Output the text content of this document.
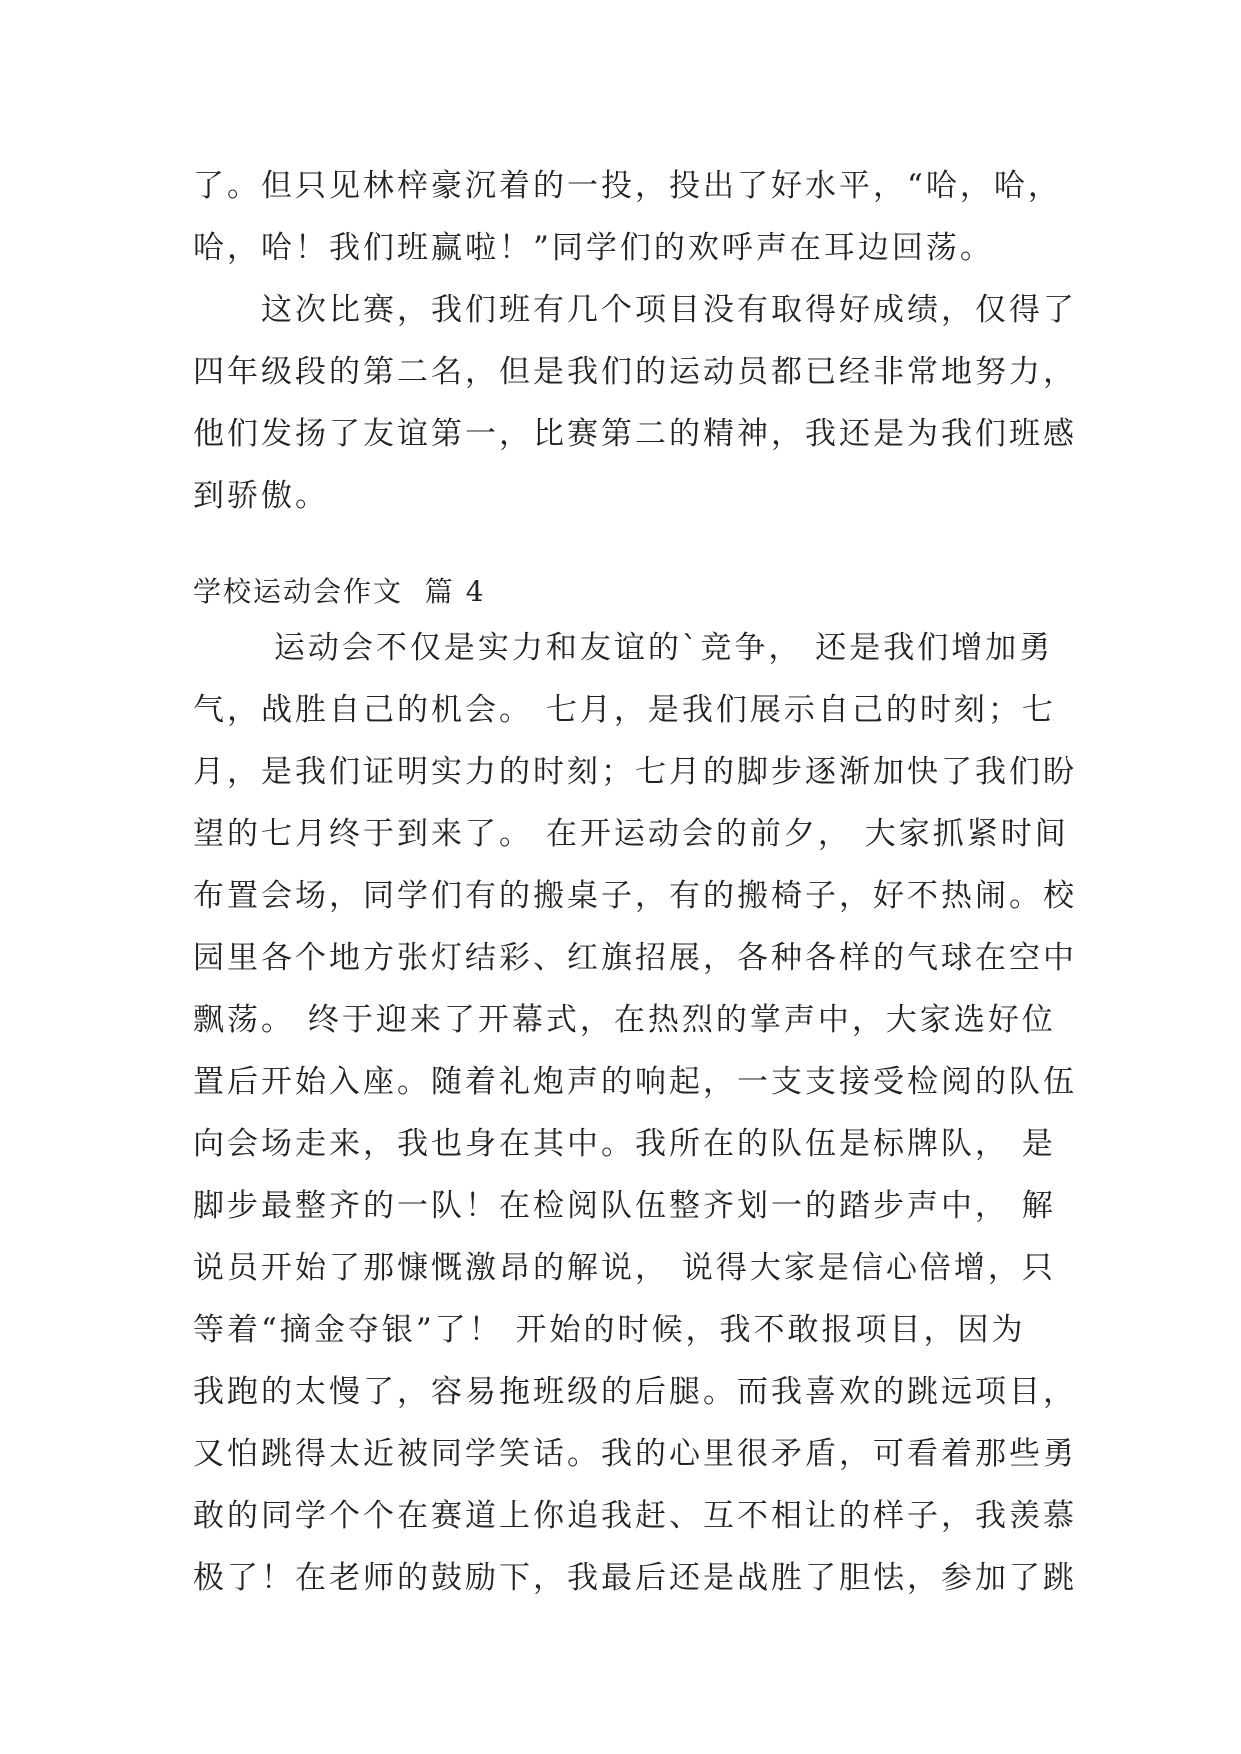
了。但只见林梓豪沉着的一投，投出了好水平，“哈，哈，
哈，哈！我们班赢啦！”同学们的欢呼声在耳边回荡。
　　这次比赛，我们班有几个项目没有取得好成绩，仅得了
四年级段的第二名，但是我们的运动员都已经非常地努力，
他们发扬了友谊第一，比赛第二的精神，我还是为我们班感
到骄傲。
学校运动会作文  篇 4
　　 运动会不仅是实力和友谊的`竞争， 还是我们增加勇
气，战胜自己的机会。 七月，是我们展示自己的时刻；七
月，是我们证明实力的时刻；七月的脚步逐渐加快了我们盼
望的七月终于到来了。 在开运动会的前夕， 大家抓紧时间
布置会场，同学们有的搬桌子，有的搬椅子，好不热闹。校
园里各个地方张灯结彩、红旗招展，各种各样的气球在空中
飘荡。 终于迎来了开幕式，在热烈的掌声中，大家选好位
置后开始入座。随着礼炮声的响起，一支支接受检阅的队伍
向会场走来，我也身在其中。我所在的队伍是标牌队， 是
脚步最整齐的一队！在检阅队伍整齐划一的踏步声中， 解
说员开始了那慷慨激昂的解说， 说得大家是信心倍增，只
等着“摘金夺银”了！ 开始的时候，我不敢报项目，因为
我跑的太慢了，容易拖班级的后腿。而我喜欢的跳远项目，
又怕跳得太近被同学笑话。我的心里很矛盾，可看着那些勇
敢的同学个个在赛道上你追我赶、互不相让的样子，我羡慕
极了！在老师的鼓励下，我最后还是战胜了胆怯，参加了跳
